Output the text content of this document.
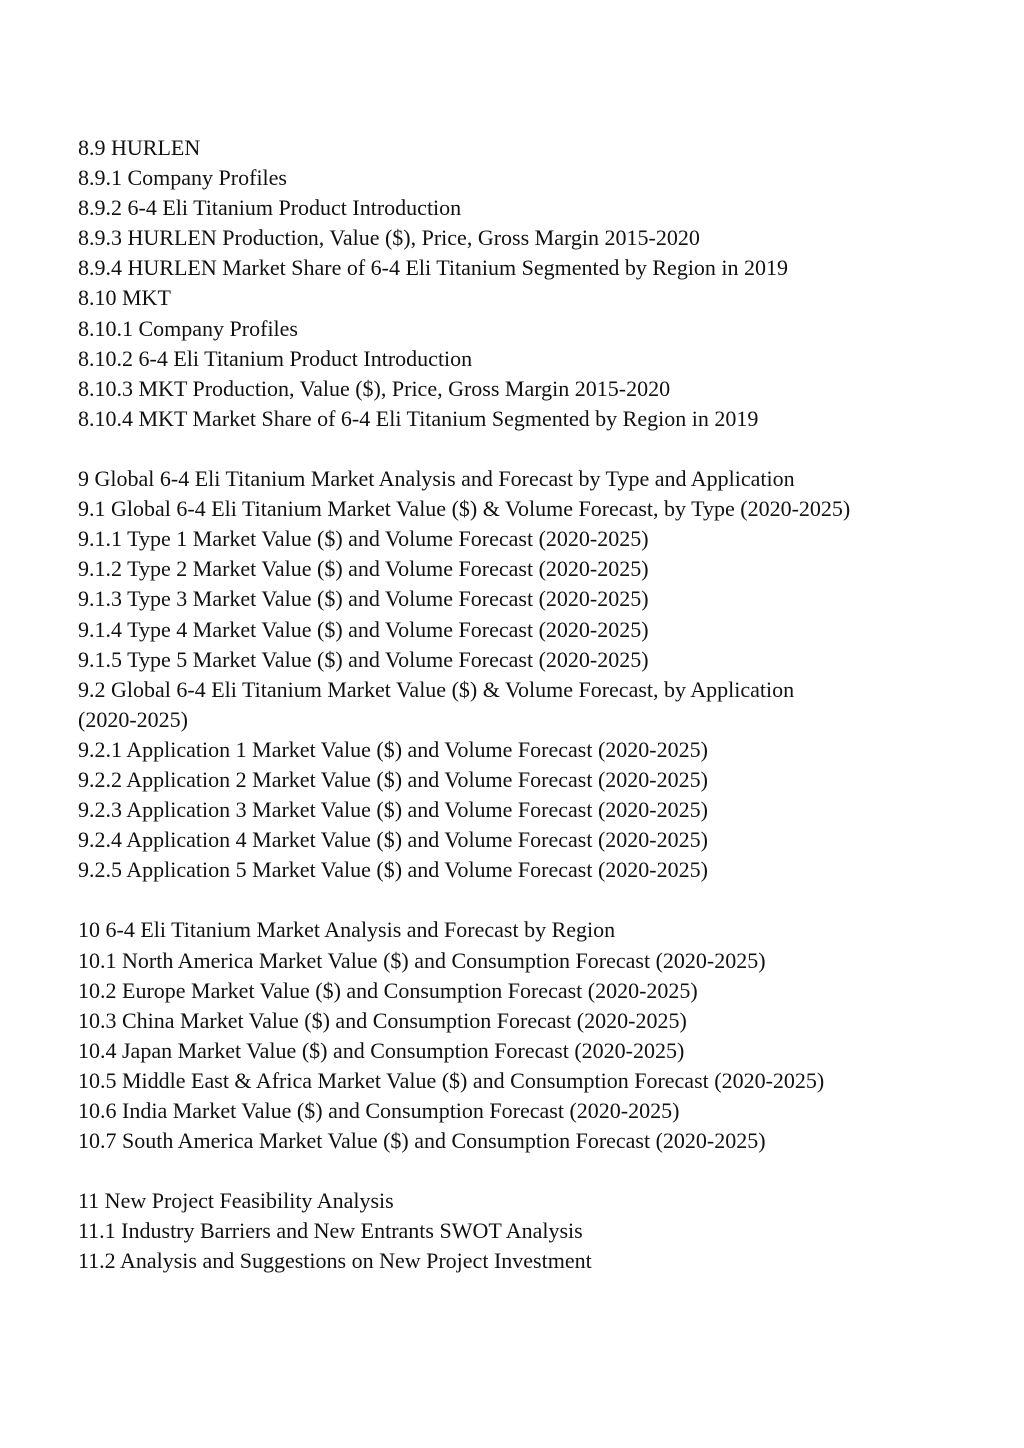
8.9 HURLEN
8.9.1 Company Profiles
8.9.2 6-4 Eli Titanium Product Introduction
8.9.3 HURLEN Production, Value ($), Price, Gross Margin 2015-2020
8.9.4 HURLEN Market Share of 6-4 Eli Titanium Segmented by Region in 2019
8.10 MKT
8.10.1 Company Profiles
8.10.2 6-4 Eli Titanium Product Introduction
8.10.3 MKT Production, Value ($), Price, Gross Margin 2015-2020
8.10.4 MKT Market Share of 6-4 Eli Titanium Segmented by Region in 2019
9 Global 6-4 Eli Titanium Market Analysis and Forecast by Type and Application
9.1 Global 6-4 Eli Titanium Market Value ($) & Volume Forecast, by Type (2020-2025)
9.1.1 Type 1 Market Value ($) and Volume Forecast (2020-2025)
9.1.2 Type 2 Market Value ($) and Volume Forecast (2020-2025)
9.1.3 Type 3 Market Value ($) and Volume Forecast (2020-2025)
9.1.4 Type 4 Market Value ($) and Volume Forecast (2020-2025)
9.1.5 Type 5 Market Value ($) and Volume Forecast (2020-2025)
9.2 Global 6-4 Eli Titanium Market Value ($) & Volume Forecast, by Application
(2020-2025)
9.2.1 Application 1 Market Value ($) and Volume Forecast (2020-2025)
9.2.2 Application 2 Market Value ($) and Volume Forecast (2020-2025)
9.2.3 Application 3 Market Value ($) and Volume Forecast (2020-2025)
9.2.4 Application 4 Market Value ($) and Volume Forecast (2020-2025)
9.2.5 Application 5 Market Value ($) and Volume Forecast (2020-2025)
10 6-4 Eli Titanium Market Analysis and Forecast by Region
10.1 North America Market Value ($) and Consumption Forecast (2020-2025)
10.2 Europe Market Value ($) and Consumption Forecast (2020-2025)
10.3 China Market Value ($) and Consumption Forecast (2020-2025)
10.4 Japan Market Value ($) and Consumption Forecast (2020-2025)
10.5 Middle East & Africa Market Value ($) and Consumption Forecast (2020-2025)
10.6 India Market Value ($) and Consumption Forecast (2020-2025)
10.7 South America Market Value ($) and Consumption Forecast (2020-2025)
11 New Project Feasibility Analysis
11.1 Industry Barriers and New Entrants SWOT Analysis
11.2 Analysis and Suggestions on New Project Investment
